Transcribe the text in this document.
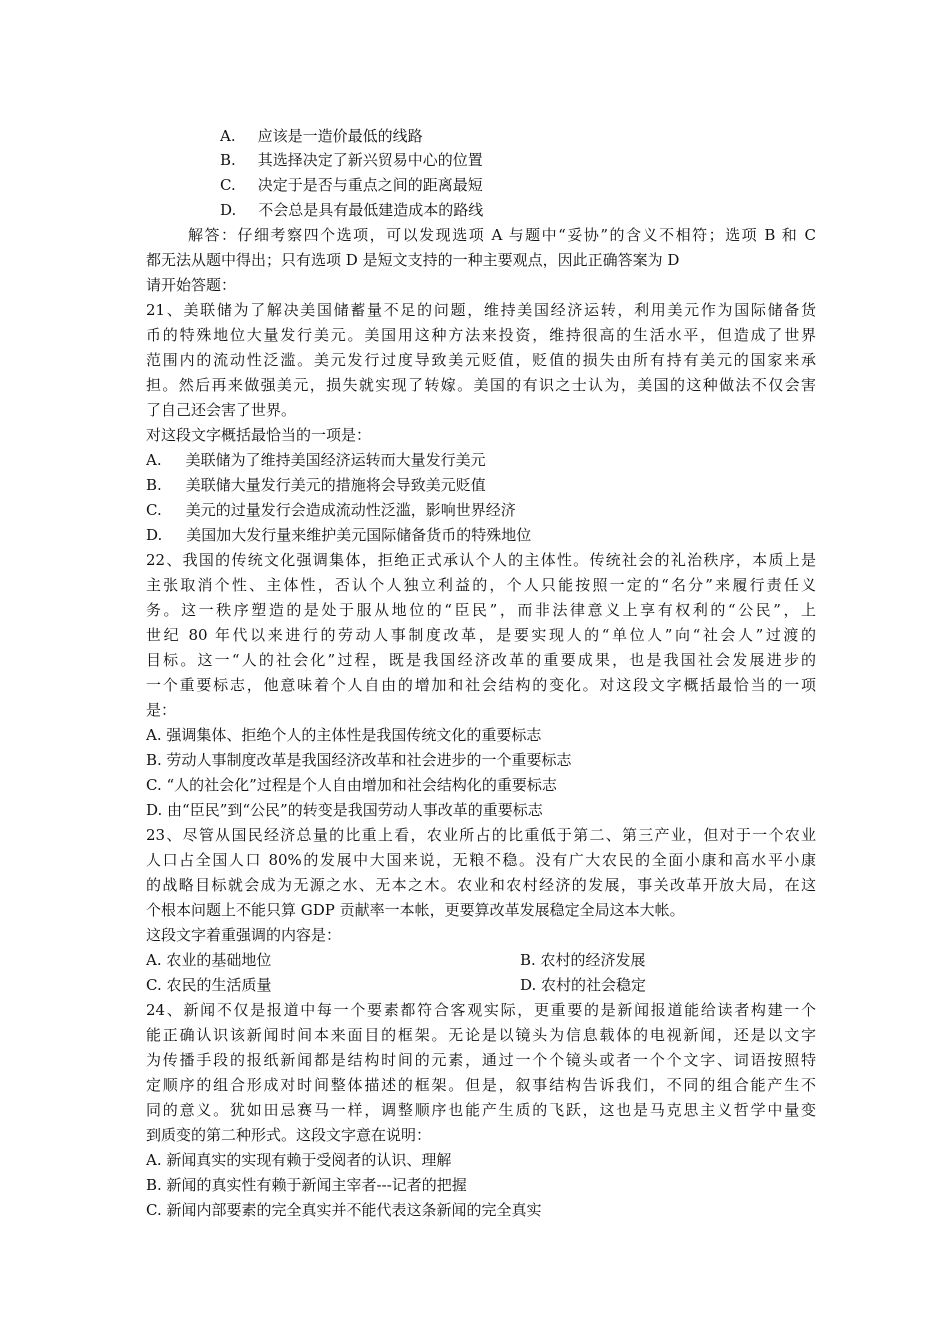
A. 应该是一造价最低的线路
B. 其选择决定了新兴贸易中心的位置
C. 决定于是否与重点之间的距离最短
D. 不会总是具有最低建造成本的路线
解答：仔细考察四个选项，可以发现选项 A 与题中“妥协”的含义不相符；选项 B 和 C
都无法从题中得出；只有选项 D 是短文支持的一种主要观点，因此正确答案为 D
请开始答题：
21、美联储为了解决美国储蓄量不足的问题，维持美国经济运转，利用美元作为国际储备货
币的特殊地位大量发行美元。美国用这种方法来投资，维持很高的生活水平，但造成了世界
范围内的流动性泛滥。美元发行过度导致美元贬值，贬值的损失由所有持有美元的国家来承
担。然后再来做强美元，损失就实现了转嫁。美国的有识之士认为，美国的这种做法不仅会害
了自己还会害了世界。
对这段文字概括最恰当的一项是：
A. 美联储为了维持美国经济运转而大量发行美元
B. 美联储大量发行美元的措施将会导致美元贬值
C. 美元的过量发行会造成流动性泛滥，影响世界经济
D. 美国加大发行量来维护美元国际储备货币的特殊地位
22、我国的传统文化强调集体，拒绝正式承认个人的主体性。传统社会的礼治秩序，本质上是
主张取消个性、主体性，否认个人独立利益的，个人只能按照一定的“名分”来履行责任义
务。这一秩序塑造的是处于服从地位的“臣民”，而非法律意义上享有权利的“公民”，上
世纪 80 年代以来进行的劳动人事制度改革，是要实现人的“单位人”向“社会人”过渡的
目标。这一“人的社会化”过程，既是我国经济改革的重要成果，也是我国社会发展进步的
一个重要标志，他意味着个人自由的增加和社会结构的变化。对这段文字概括最恰当的一项
是：
A. 强调集体、拒绝个人的主体性是我国传统文化的重要标志
B. 劳动人事制度改革是我国经济改革和社会进步的一个重要标志
C. “人的社会化”过程是个人自由增加和社会结构化的重要标志
D. 由“臣民”到“公民”的转变是我国劳动人事改革的重要标志
23、尽管从国民经济总量的比重上看，农业所占的比重低于第二、第三产业，但对于一个农业
人口占全国人口 80%的发展中大国来说，无粮不稳。没有广大农民的全面小康和高水平小康
的战略目标就会成为无源之水、无本之木。农业和农村经济的发展，事关改革开放大局，在这
个根本问题上不能只算 GDP 贡献率一本帐，更要算改革发展稳定全局这本大帐。
这段文字着重强调的内容是：
A. 农业的基础地位	B. 农村的经济发展
C. 农民的生活质量	D. 农村的社会稳定
24、新闻不仅是报道中每一个要素都符合客观实际，更重要的是新闻报道能给读者构建一个
能正确认识该新闻时间本来面目的框架。无论是以镜头为信息载体的电视新闻，还是以文字
为传播手段的报纸新闻都是结构时间的元素，通过一个个镜头或者一个个文字、词语按照特
定顺序的组合形成对时间整体描述的框架。但是，叙事结构告诉我们，不同的组合能产生不
同的意义。犹如田忌赛马一样，调整顺序也能产生质的飞跃，这也是马克思主义哲学中量变
到质变的第二种形式。这段文字意在说明：
A. 新闻真实的实现有赖于受阅者的认识、理解
B. 新闻的真实性有赖于新闻主宰者---记者的把握
C. 新闻内部要素的完全真实并不能代表这条新闻的完全真实
